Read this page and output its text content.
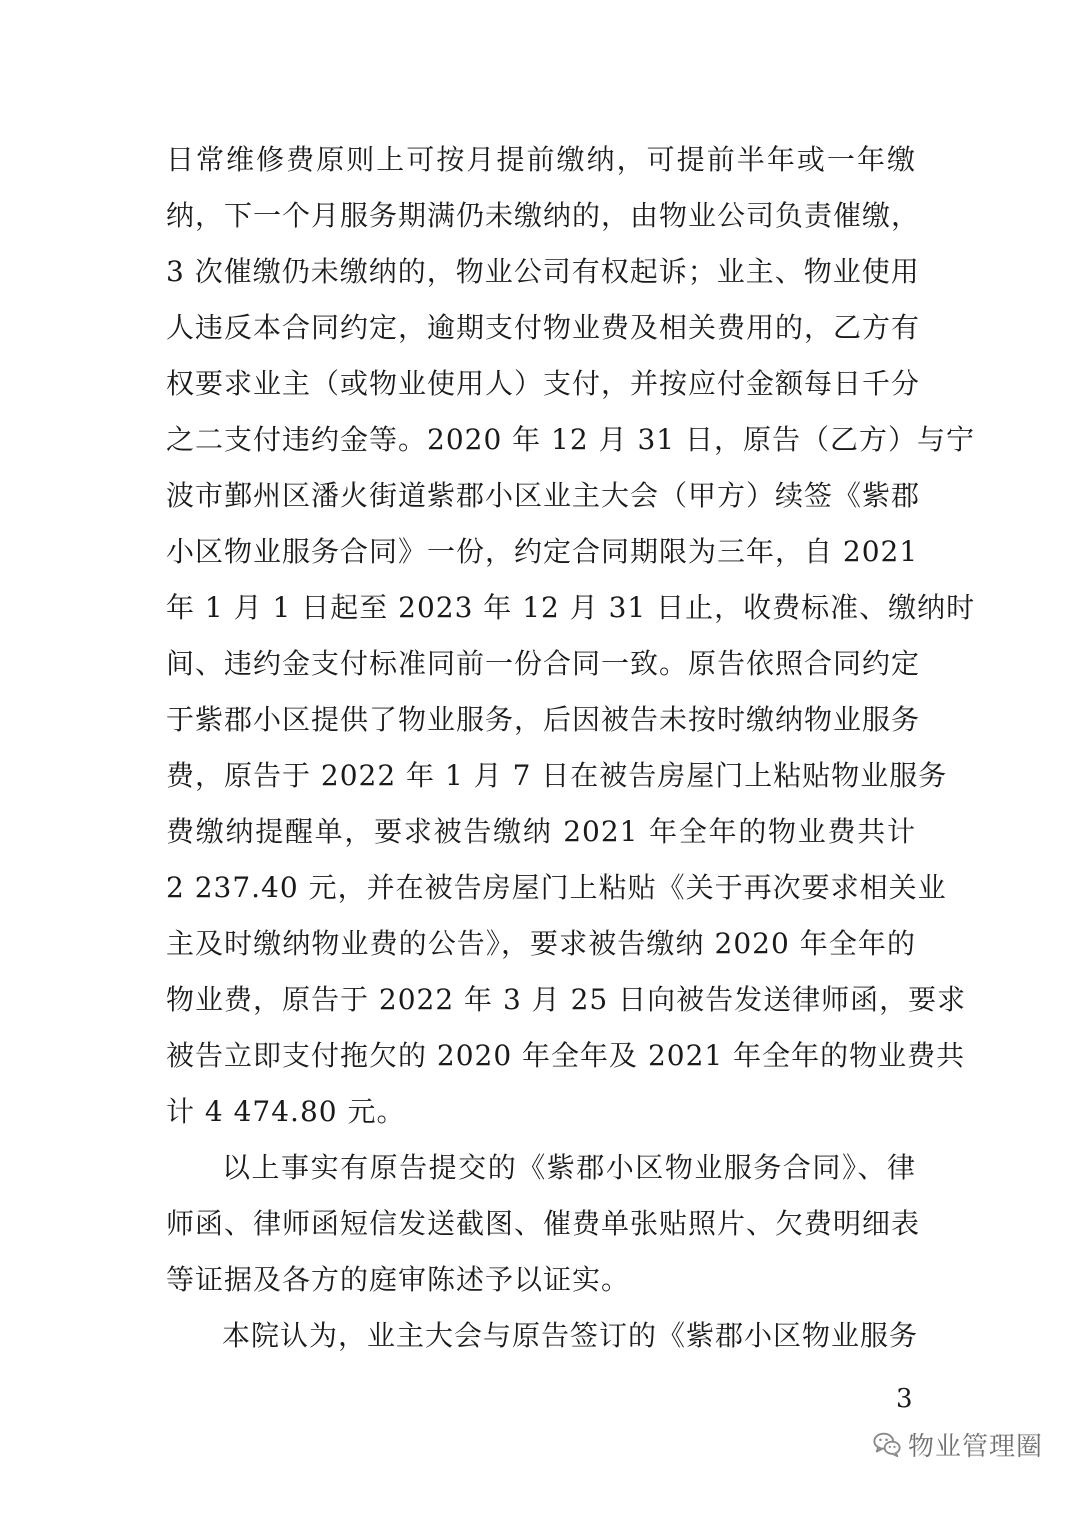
日常维修费原则上可按月提前缴纳，可提前半年或一年缴
纳，下一个月服务期满仍未缴纳的，由物业公司负责催缴，
3 次催缴仍未缴纳的，物业公司有权起诉；业主、物业使用
人违反本合同约定，逾期支付物业费及相关费用的，乙方有
权要求业主（或物业使用人）支付，并按应付金额每日千分
之二支付违约金等。2020 年 12 月 31 日，原告（乙方）与宁
波市鄞州区潘火街道紫郡小区业主大会（甲方）续签《紫郡
小区物业服务合同》一份，约定合同期限为三年，自 2021
年 1 月 1 日起至 2023 年 12 月 31 日止，收费标准、缴纳时
间、违约金支付标准同前一份合同一致。原告依照合同约定
于紫郡小区提供了物业服务，后因被告未按时缴纳物业服务
费，原告于 2022 年 1 月 7 日在被告房屋门上粘贴物业服务
费缴纳提醒单，要求被告缴纳 2021 年全年的物业费共计
2 237.40 元，并在被告房屋门上粘贴《关于再次要求相关业
主及时缴纳物业费的公告》，要求被告缴纳 2020 年全年的
物业费，原告于 2022 年 3 月 25 日向被告发送律师函，要求
被告立即支付拖欠的 2020 年全年及 2021 年全年的物业费共
计 4 474.80 元。
以上事实有原告提交的《紫郡小区物业服务合同》、律
师函、律师函短信发送截图、催费单张贴照片、欠费明细表
等证据及各方的庭审陈述予以证实。
本院认为，业主大会与原告签订的《紫郡小区物业服务
3
物业管理圈
